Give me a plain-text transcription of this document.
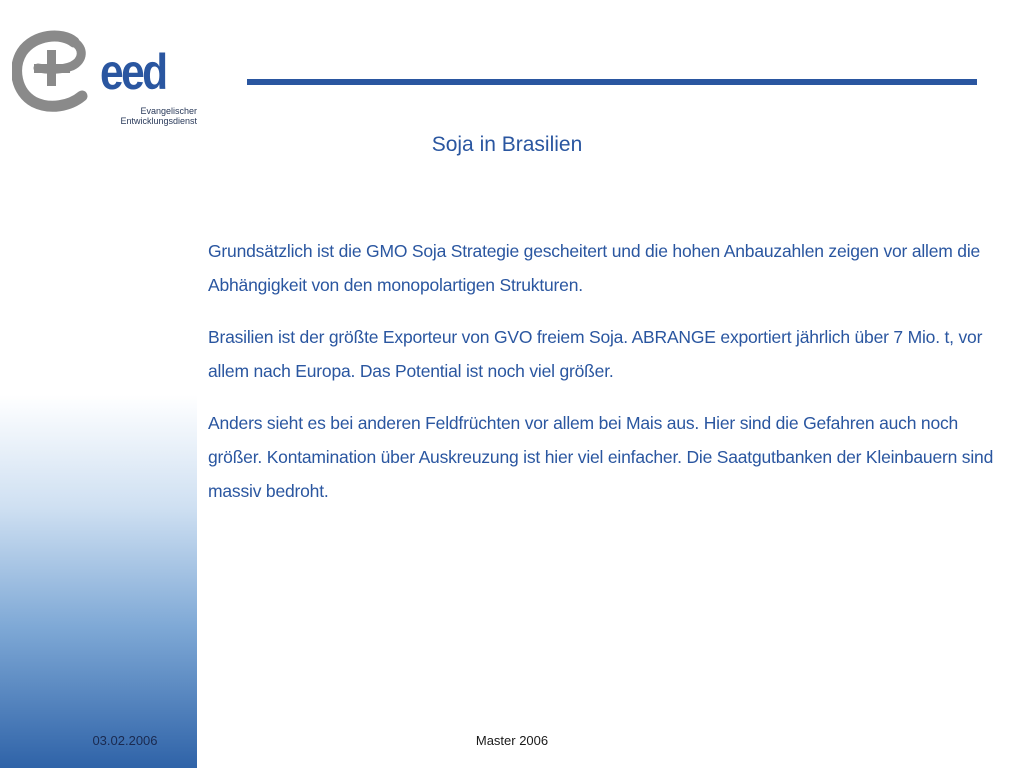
eed
Evangelischer
Entwicklungsdienst
Soja in Brasilien

Grundsätzlich ist die GMO Soja Strategie gescheitert und die hohen Anbauzahlen zeigen vor allem die Abhängigkeit von den monopolartigen Strukturen.

Brasilien ist der größte Exporteur von GVO freiem Soja. ABRANGE exportiert jährlich über 7 Mio. t, vor allem nach Europa. Das Potential ist noch viel größer.

Anders sieht es bei anderen Feldfrüchten vor allem bei Mais aus. Hier sind die Gefahren auch noch größer. Kontamination über Auskreuzung ist hier viel einfacher. Die Saatgutbanken der Kleinbauern sind massiv bedroht.

03.02.2006	Master 2006
